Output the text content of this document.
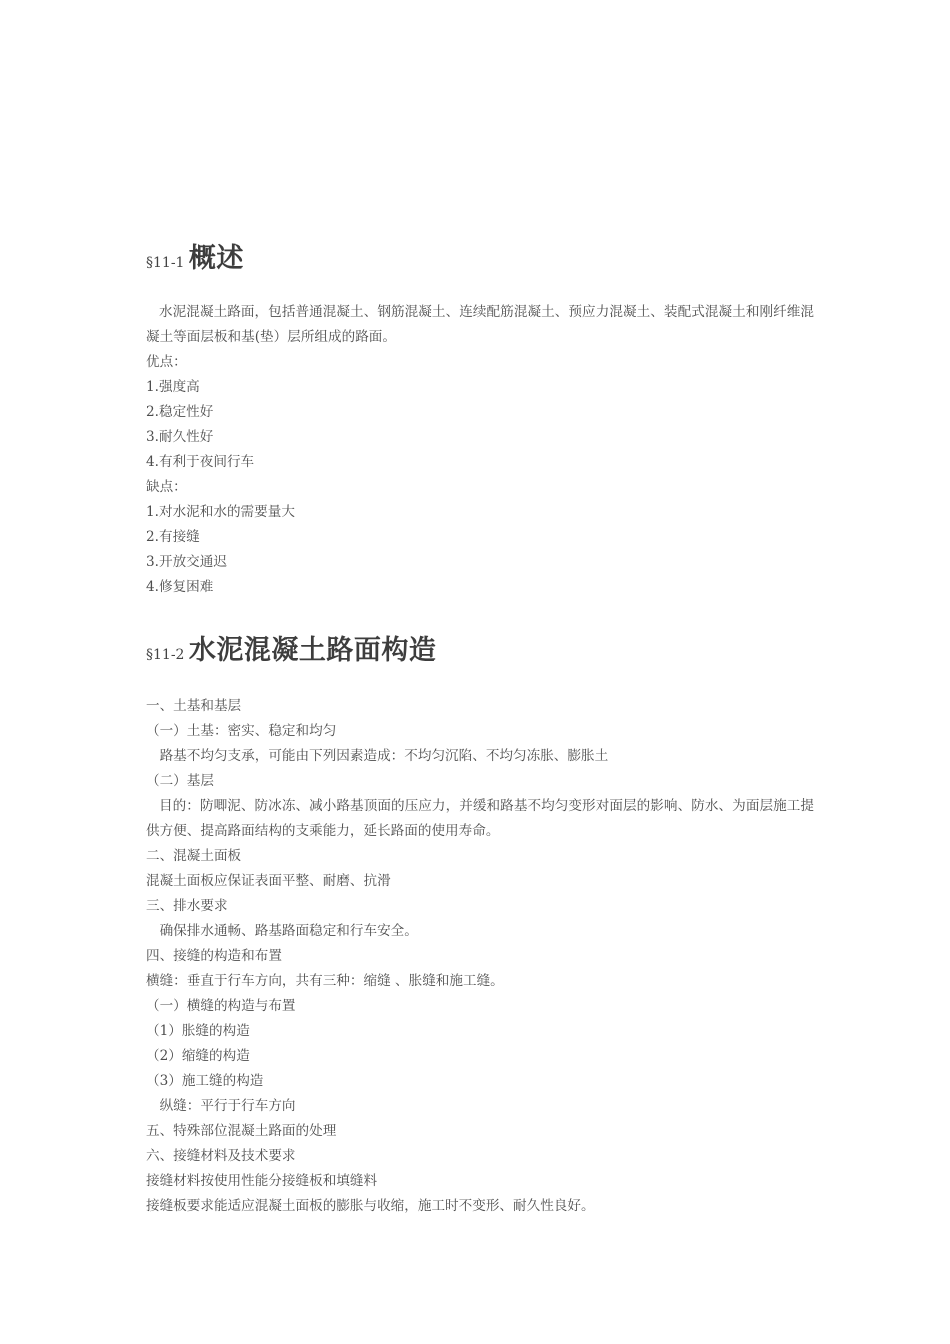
§11-1 概述
水泥混凝土路面，包括普通混凝土、钢筋混凝土、连续配筋混凝土、预应力混凝土、装配式混凝土和刚纤维混凝土等面层板和基(垫）层所组成的路面。
优点：
1.强度高
2.稳定性好
3.耐久性好
4.有利于夜间行车
缺点：
1.对水泥和水的需要量大
2.有接缝
3.开放交通迟
4.修复困难
§11-2 水泥混凝土路面构造
一、土基和基层
（一）土基：密实、稳定和均匀
　路基不均匀支承，可能由下列因素造成：不均匀沉陷、不均匀冻胀、膨胀土
（二）基层
目的：防唧泥、防冰冻、减小路基顶面的压应力，并缓和路基不均匀变形对面层的影响、防水、为面层施工提供方便、提高路面结构的支乘能力，延长路面的使用寿命。
二、混凝土面板
混凝土面板应保证表面平整、耐磨、抗滑
三、排水要求
　确保排水通畅、路基路面稳定和行车安全。
四、接缝的构造和布置
横缝：垂直于行车方向，共有三种：缩缝 、胀缝和施工缝。
（一）横缝的构造与布置
（1）胀缝的构造
（2）缩缝的构造
（3）施工缝的构造
　纵缝：平行于行车方向
五、特殊部位混凝土路面的处理
六、接缝材料及技术要求
接缝材料按使用性能分接缝板和填缝料
接缝板要求能适应混凝土面板的膨胀与收缩，施工时不变形、耐久性良好。
